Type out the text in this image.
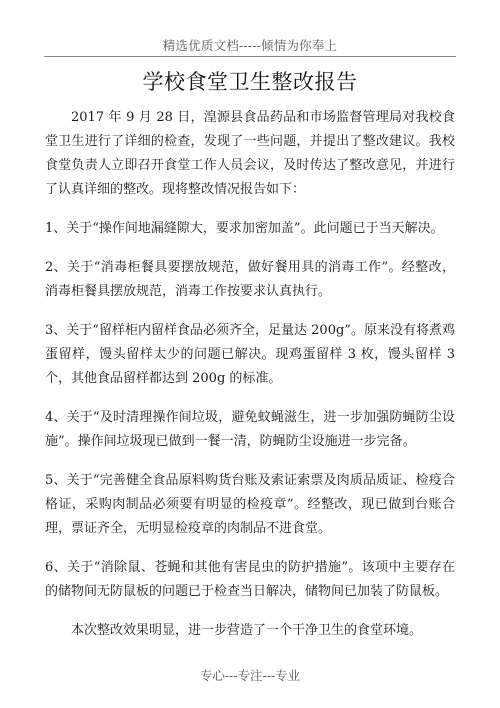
精选优质文档-----倾情为你奉上
学校食堂卫生整改报告

2017 年 9 月 28 日，湟源县食品药品和市场监督管理局对我校食堂卫生进行了详细的检查，发现了一些问题，并提出了整改建议。我校食堂负责人立即召开食堂工作人员会议，及时传达了整改意见，并进行了认真详细的整改。现将整改情况报告如下：

1、关于“操作间地漏缝隙大，要求加密加盖”。此问题已于当天解决。

2、关于“消毒柜餐具要摆放规范，做好餐用具的消毒工作”。经整改，消毒柜餐具摆放规范，消毒工作按要求认真执行。

3、关于“留样柜内留样食品必须齐全，足量达 200g”。原来没有将煮鸡蛋留样，馒头留样太少的问题已解决。现鸡蛋留样 3 枚，馒头留样 3 个，其他食品留样都达到 200g 的标准。

4、关于“及时清理操作间垃圾，避免蚊蝇滋生，进一步加强防蝇防尘设施”。操作间垃圾现已做到一餐一清，防蝇防尘设施进一步完备。

5、关于“完善健全食品原料购货台账及索证索票及肉质品质证、检疫合格证，采购肉制品必须要有明显的检疫章”。经整改，现已做到台账合理，票证齐全，无明显检疫章的肉制品不进食堂。

6、关于“消除鼠、苍蝇和其他有害昆虫的防护措施”。该项中主要存在的储物间无防鼠板的问题已于检查当日解决，储物间已加装了防鼠板。

本次整改效果明显，进一步营造了一个干净卫生的食堂环境。

专心---专注---专业
